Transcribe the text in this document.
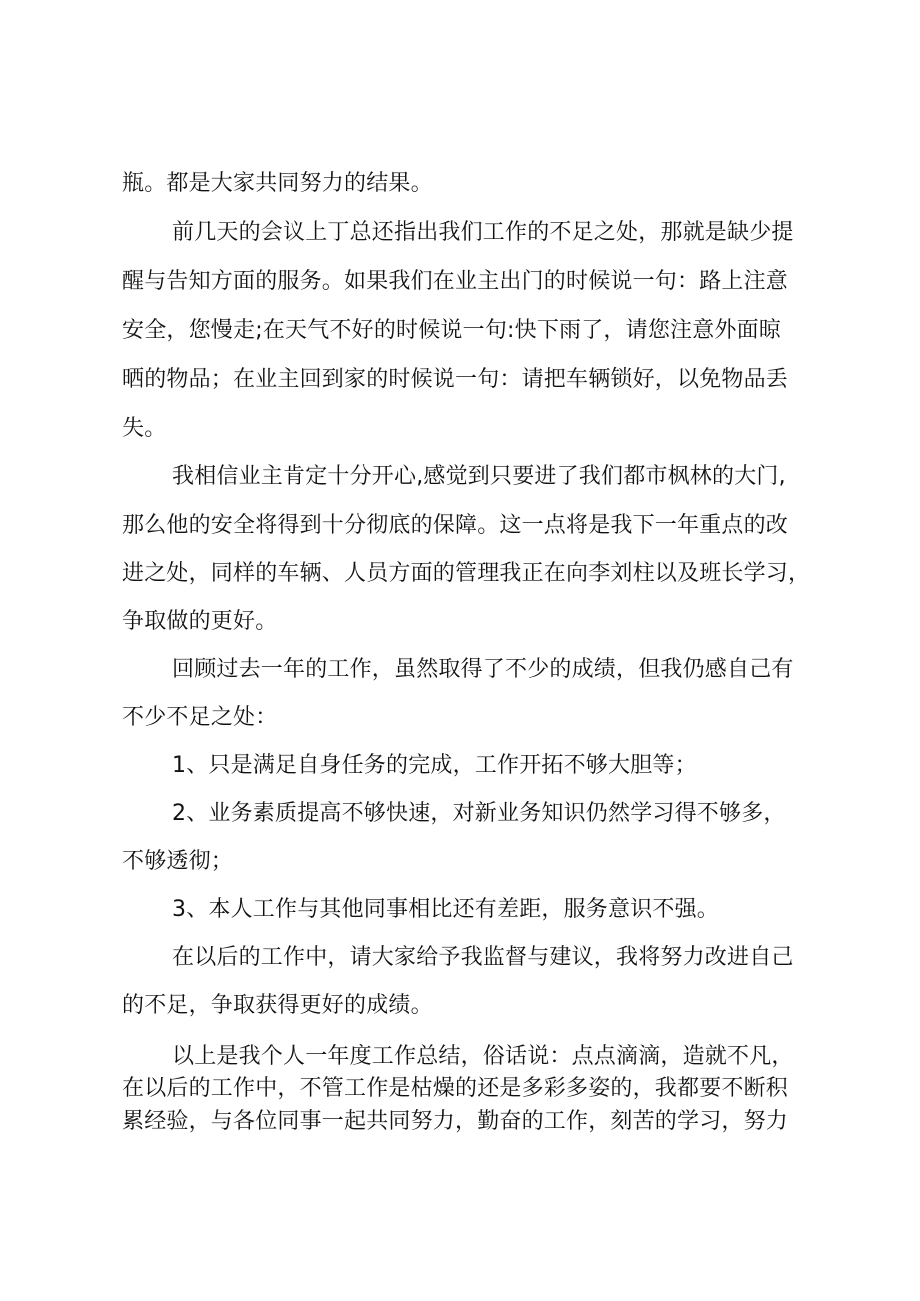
瓶。都是大家共同努力的结果。
前几天的会议上丁总还指出我们工作的不足之处，那就是缺少提
醒与告知方面的服务。如果我们在业主出门的时候说一句：路上注意
安全，您慢走;在天气不好的时候说一句:快下雨了，请您注意外面晾
晒的物品；在业主回到家的时候说一句：请把车辆锁好，以免物品丢
失。
我相信业主肯定十分开心,感觉到只要进了我们都市枫林的大门,
那么他的安全将得到十分彻底的保障。这一点将是我下一年重点的改
进之处，同样的车辆、人员方面的管理我正在向李刘柱以及班长学习，
争取做的更好。
回顾过去一年的工作，虽然取得了不少的成绩，但我仍感自己有
不少不足之处：
1、只是满足自身任务的完成，工作开拓不够大胆等；
2、业务素质提高不够快速，对新业务知识仍然学习得不够多，
不够透彻；
3、本人工作与其他同事相比还有差距，服务意识不强。
在以后的工作中，请大家给予我监督与建议，我将努力改进自己
的不足，争取获得更好的成绩。
以上是我个人一年度工作总结，俗话说：点点滴滴，造就不凡，
在以后的工作中，不管工作是枯燥的还是多彩多姿的，我都要不断积
累经验，与各位同事一起共同努力，勤奋的工作，刻苦的学习，努力
